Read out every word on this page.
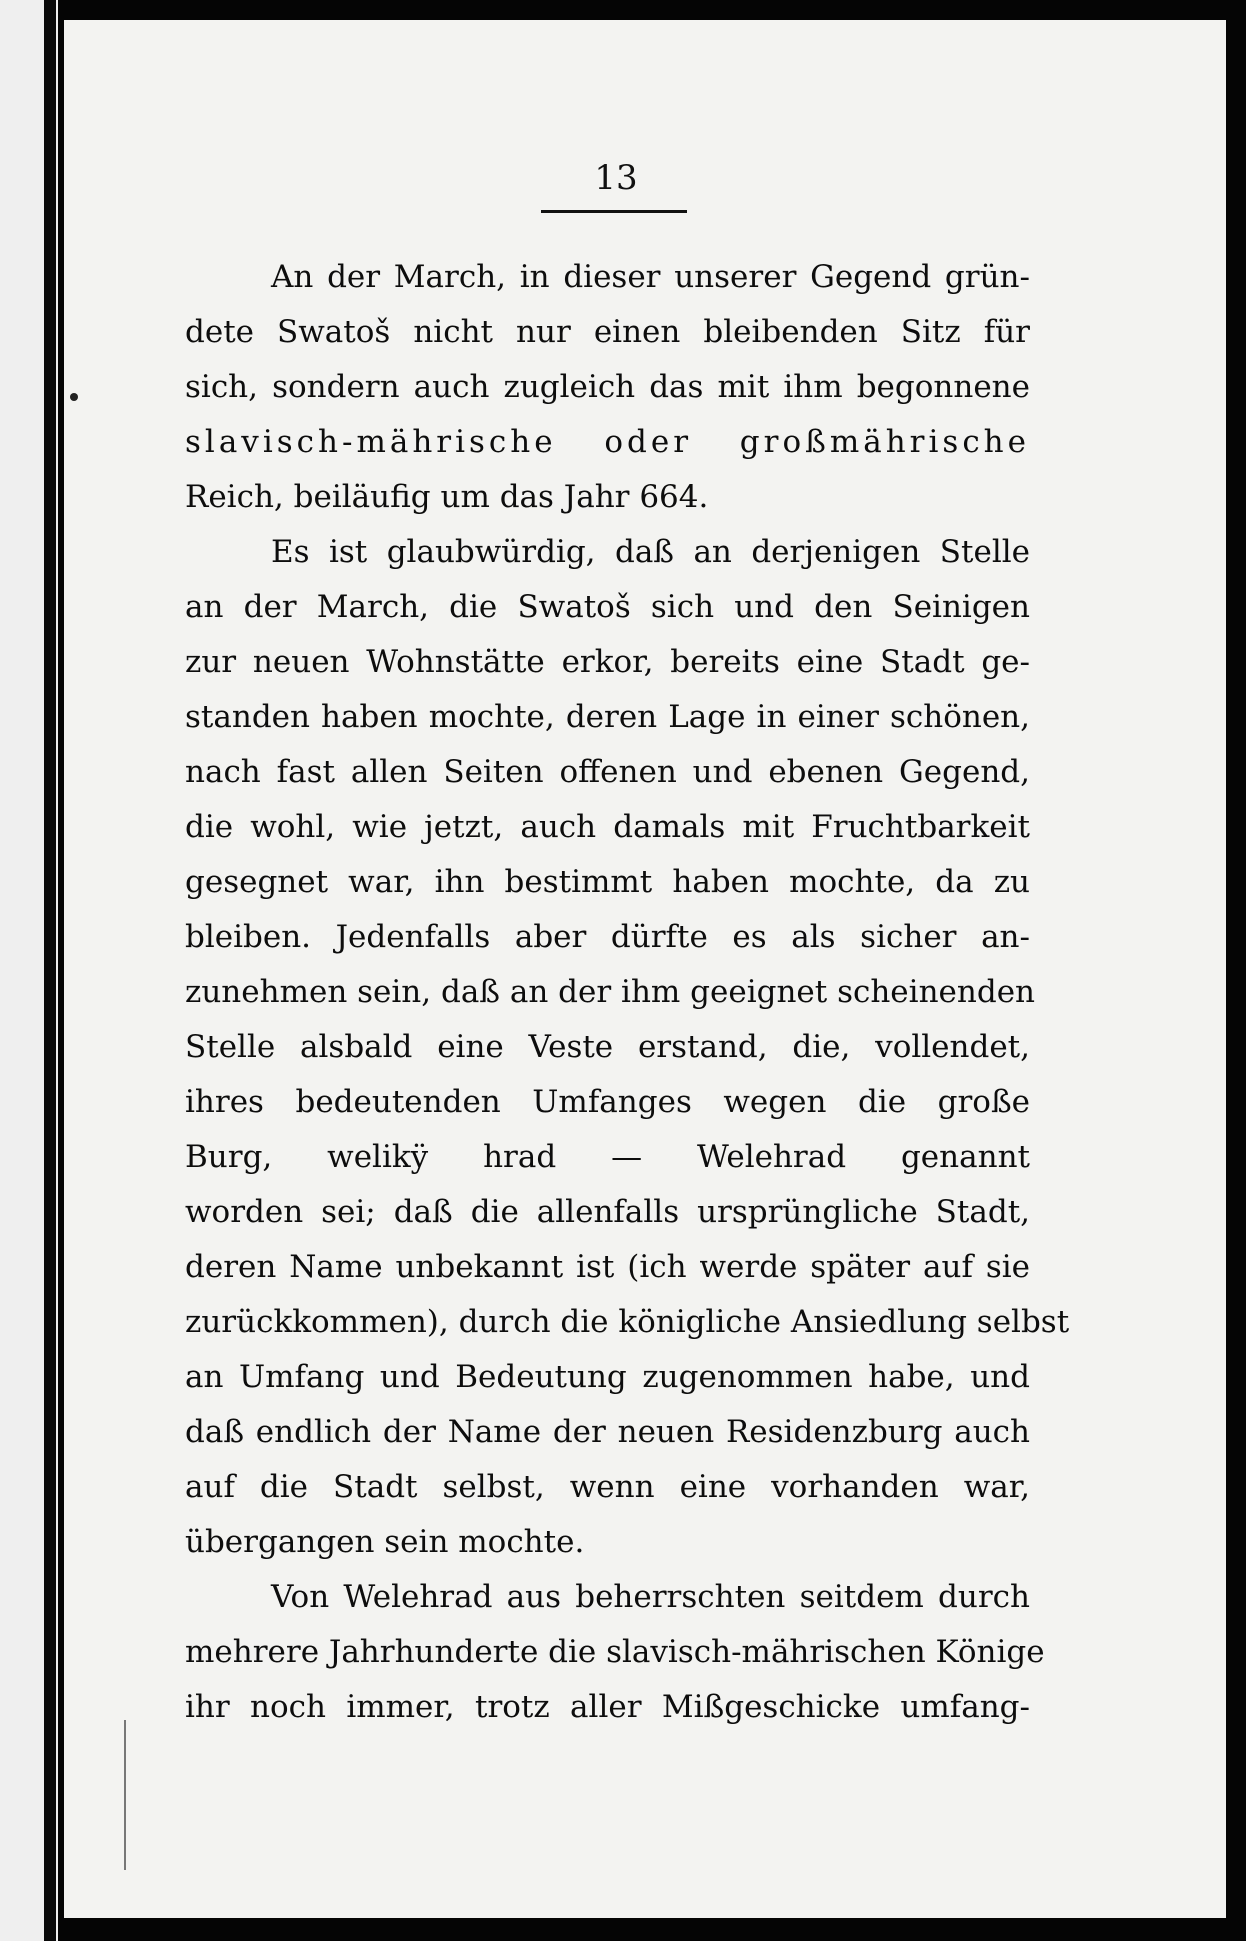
13
An der March, in dieser unserer Gegend grün-
dete Swatoš nicht nur einen bleibenden Sitz für
sich, sondern auch zugleich das mit ihm begonnene
slavisch-mährische oder großmährische
Reich, beiläufig um das Jahr 664.
Es ist glaubwürdig, daß an derjenigen Stelle
an der March, die Swatoš sich und den Seinigen
zur neuen Wohnstätte erkor, bereits eine Stadt ge-
standen haben mochte, deren Lage in einer schönen,
nach fast allen Seiten offenen und ebenen Gegend,
die wohl, wie jetzt, auch damals mit Fruchtbarkeit
gesegnet war, ihn bestimmt haben mochte, da zu
bleiben. Jedenfalls aber dürfte es als sicher an-
zunehmen sein, daß an der ihm geeignet scheinenden
Stelle alsbald eine Veste erstand, die, vollendet,
ihres bedeutenden Umfanges wegen die große
Burg, welikÿ hrad — Welehrad genannt
worden sei; daß die allenfalls ursprüngliche Stadt,
deren Name unbekannt ist (ich werde später auf sie
zurückkommen), durch die königliche Ansiedlung selbst
an Umfang und Bedeutung zugenommen habe, und
daß endlich der Name der neuen Residenzburg auch
auf die Stadt selbst, wenn eine vorhanden war,
übergangen sein mochte.
Von Welehrad aus beherrschten seitdem durch
mehrere Jahrhunderte die slavisch-mährischen Könige
ihr noch immer, trotz aller Mißgeschicke umfang-
